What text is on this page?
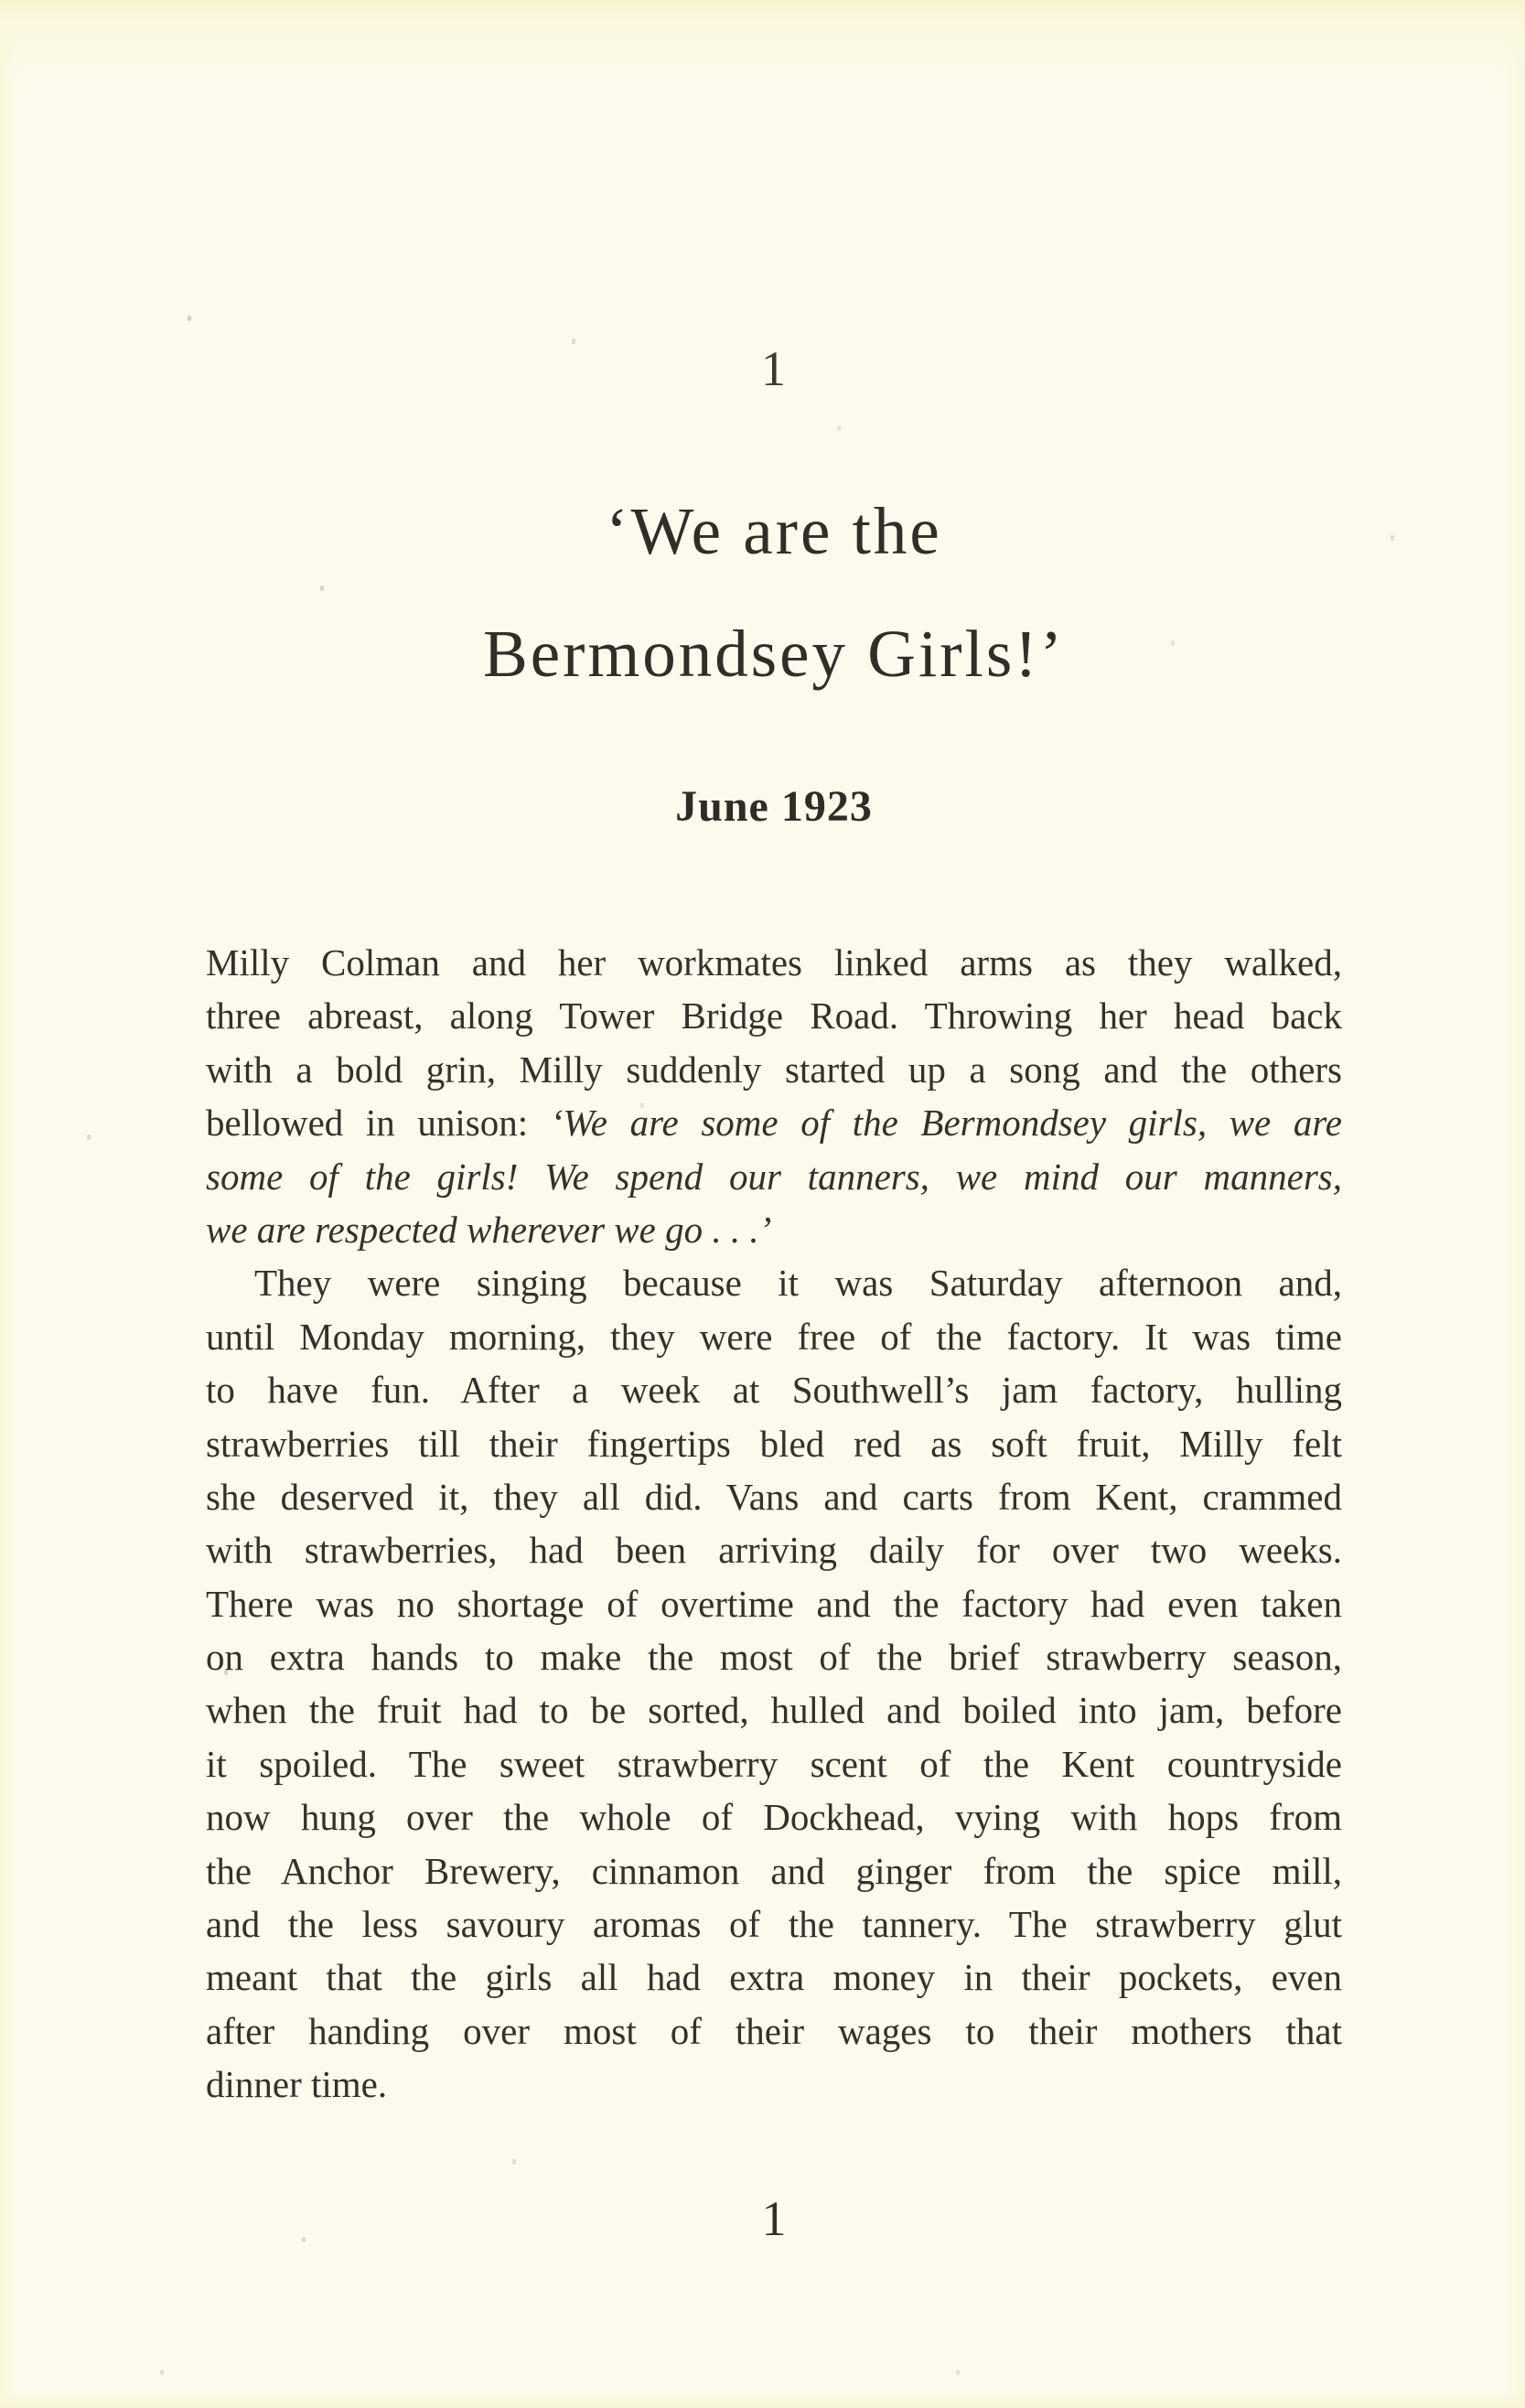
1
‘We are the
Bermondsey Girls!’
June 1923
Milly Colman and her workmates linked arms as they walked,
three abreast, along Tower Bridge Road. Throwing her head back
with a bold grin, Milly suddenly started up a song and the others
bellowed in unison: ‘We are some of the Bermondsey girls, we are
some of the girls! We spend our tanners, we mind our manners,
we are respected wherever we go . . .’
They were singing because it was Saturday afternoon and,
until Monday morning, they were free of the factory. It was time
to have fun. After a week at Southwell’s jam factory, hulling
strawberries till their fingertips bled red as soft fruit, Milly felt
she deserved it, they all did. Vans and carts from Kent, crammed
with strawberries, had been arriving daily for over two weeks.
There was no shortage of overtime and the factory had even taken
on extra hands to make the most of the brief strawberry season,
when the fruit had to be sorted, hulled and boiled into jam, before
it spoiled. The sweet strawberry scent of the Kent countryside
now hung over the whole of Dockhead, vying with hops from
the Anchor Brewery, cinnamon and ginger from the spice mill,
and the less savoury aromas of the tannery. The strawberry glut
meant that the girls all had extra money in their pockets, even
after handing over most of their wages to their mothers that
dinner time.
1
